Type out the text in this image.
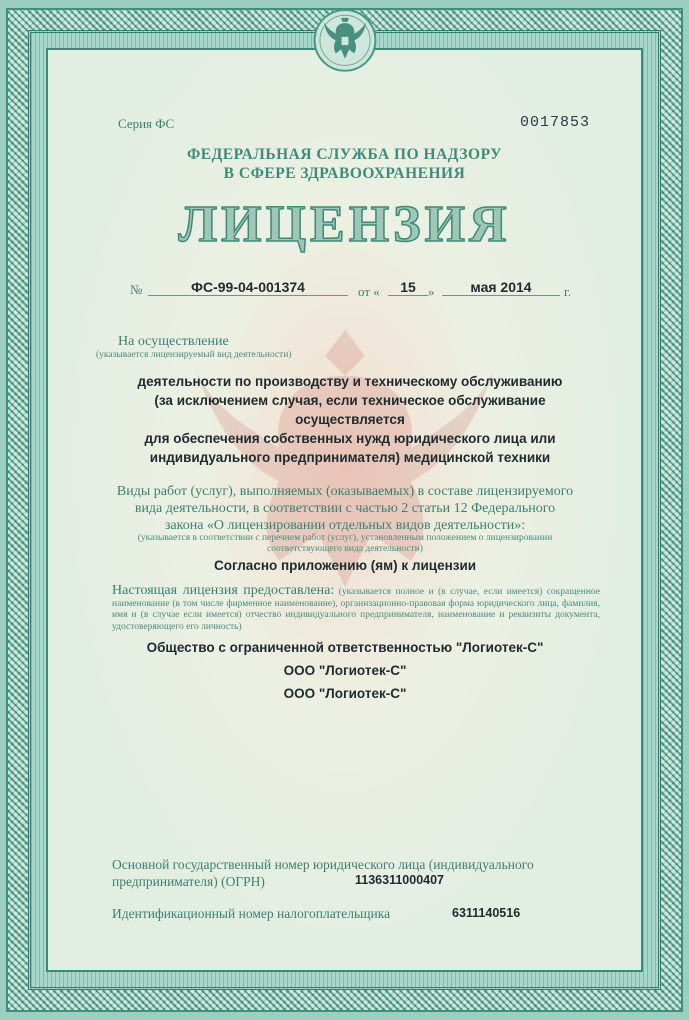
Серия ФС	0017853
ФЕДЕРАЛЬНАЯ СЛУЖБА ПО НАДЗОРУ
В СФЕРЕ ЗДРАВООХРАНЕНИЯ
ЛИЦЕНЗИЯ
№	ФС-99-04-001374	от «	15 »	мая 2014	г.
На осуществление
(указывается лицензируемый вид деятельности)
деятельности по производству и техническому обслуживанию
(за исключением случая, если техническое обслуживание осуществляется
для обеспечения собственных нужд юридического лица или
индивидуального предпринимателя) медицинской техники
Виды работ (услуг), выполняемых (оказываемых) в составе лицензируемого
вида деятельности, в соответствии с частью 2 статьи 12 Федерального
закона «О лицензировании отдельных видов деятельности»:
(указывается в соответствии с перечнем работ (услуг), установленным положением о лицензировании
соответствующего вида деятельности)
Согласно приложению (ям) к лицензии
Настоящая лицензия предоставлена: (указывается полное и (в случае, если имеется) сокращенное наименование (в том числе фирменное наименование), организационно-правовая форма юридического лица, фамилия, имя и (в случае если имеется) отчество индивидуального предпринимателя, наименование и реквизиты документа, удостоверяющего его личность)
Общество с ограниченной ответственностью "Логиотек-С"
ООО "Логиотек-С"
ООО "Логиотек-С"
Основной государственный номер юридического лица (индивидуального
предпринимателя) (ОГРН)	1136311000407
Идентификационный номер налогоплательщика	6311140516
